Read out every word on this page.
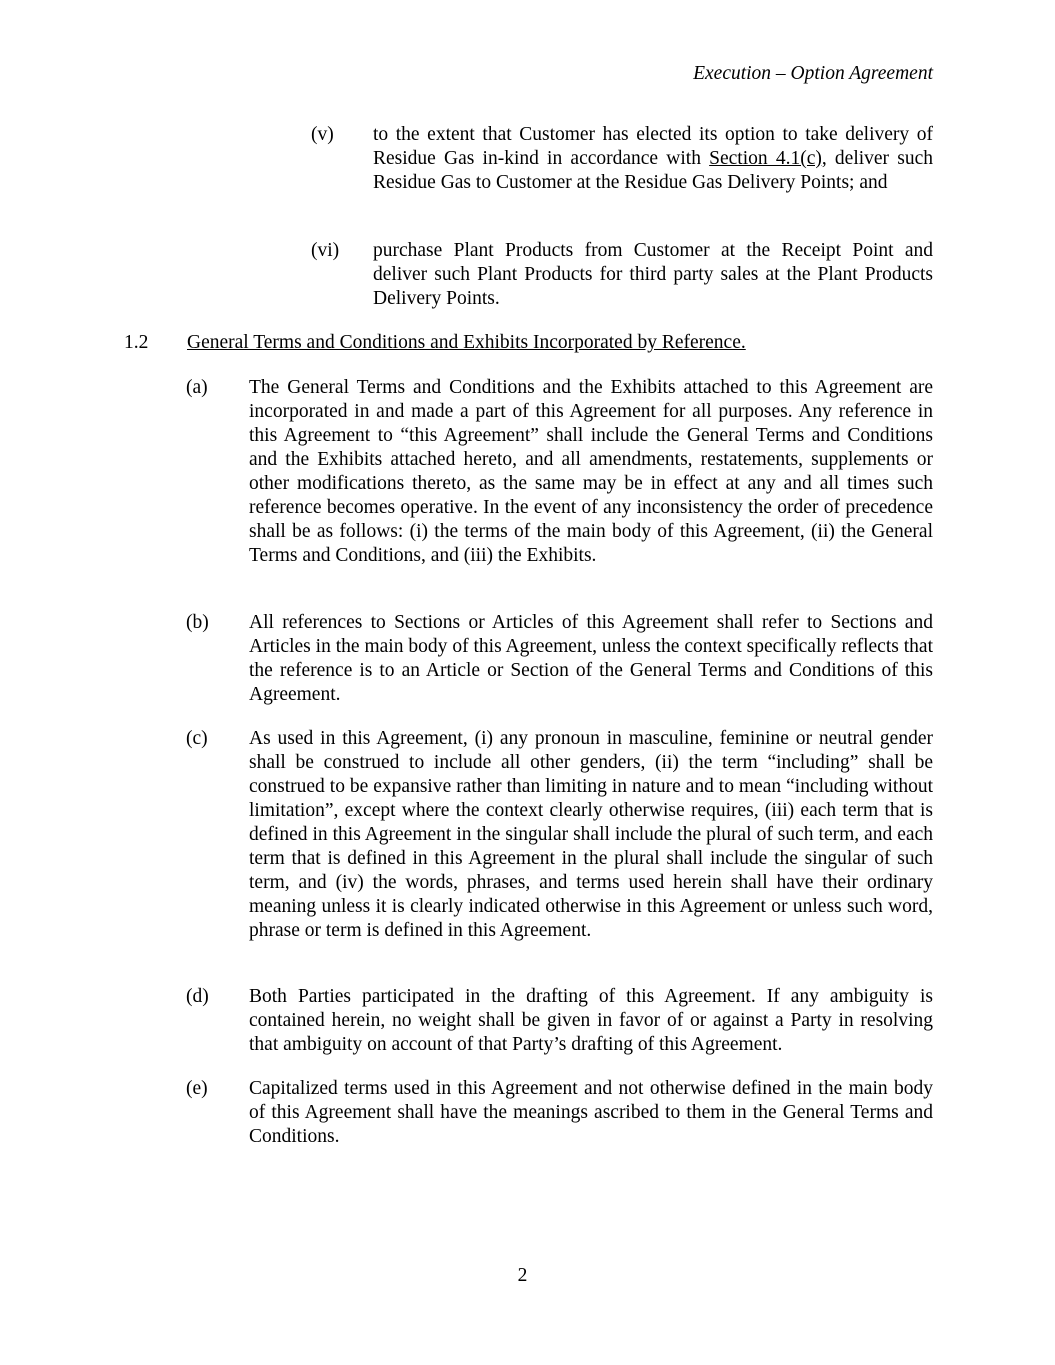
Execution – Option Agreement

(v) to the extent that Customer has elected its option to take delivery of Residue Gas in-kind in accordance with Section 4.1(c), deliver such Residue Gas to Customer at the Residue Gas Delivery Points; and
(vi) purchase Plant Products from Customer at the Receipt Point and deliver such Plant Products for third party sales at the Plant Products Delivery Points.
1.2 General Terms and Conditions and Exhibits Incorporated by Reference.
(a) The General Terms and Conditions and the Exhibits attached to this Agreement are incorporated in and made a part of this Agreement for all purposes. Any reference in this Agreement to “this Agreement” shall include the General Terms and Conditions and the Exhibits attached hereto, and all amendments, restatements, supplements or other modifications thereto, as the same may be in effect at any and all times such reference becomes operative. In the event of any inconsistency the order of precedence shall be as follows: (i) the terms of the main body of this Agreement, (ii) the General Terms and Conditions, and (iii) the Exhibits.
(b) All references to Sections or Articles of this Agreement shall refer to Sections and Articles in the main body of this Agreement, unless the context specifically reflects that the reference is to an Article or Section of the General Terms and Conditions of this Agreement.
(c) As used in this Agreement, (i) any pronoun in masculine, feminine or neutral gender shall be construed to include all other genders, (ii) the term “including” shall be construed to be expansive rather than limiting in nature and to mean “including without limitation”, except where the context clearly otherwise requires, (iii) each term that is defined in this Agreement in the singular shall include the plural of such term, and each term that is defined in this Agreement in the plural shall include the singular of such term, and (iv) the words, phrases, and terms used herein shall have their ordinary meaning unless it is clearly indicated otherwise in this Agreement or unless such word, phrase or term is defined in this Agreement.
(d) Both Parties participated in the drafting of this Agreement. If any ambiguity is contained herein, no weight shall be given in favor of or against a Party in resolving that ambiguity on account of that Party’s drafting of this Agreement.
(e) Capitalized terms used in this Agreement and not otherwise defined in the main body of this Agreement shall have the meanings ascribed to them in the General Terms and Conditions.
2
